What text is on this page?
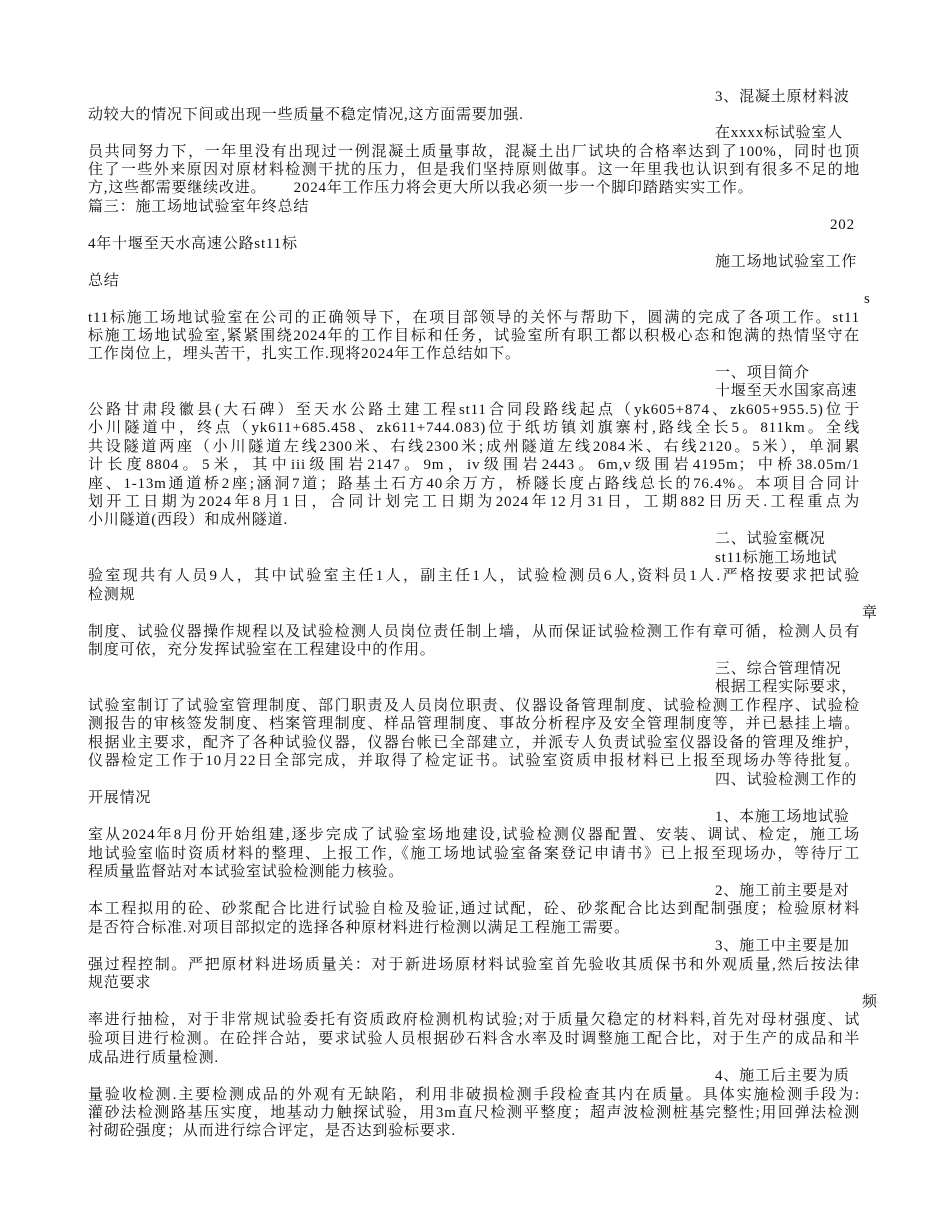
3、混凝土原材料波
动较大的情况下间或出现一些质量不稳定情况,这方面需要加强.
在xxxx标试验室人
员共同努力下，一年里没有出现过一例混凝土质量事故，混凝土出厂试块的合格率达到了100%，同时也顶
住了一些外来原因对原材料检测干扰的压力，但是我们坚持原则做事。这一年里我也认识到有很多不足的地
方,这些都需要继续改进。      2024年工作压力将会更大所以我必须一步一个脚印踏踏实实工作。
篇三：施工场地试验室年终总结
202
4年十堰至天水高速公路st11标
施工场地试验室工作
总结
s
t11标施工场地试验室在公司的正确领导下，在项目部领导的关怀与帮助下，圆满的完成了各项工作。st11
标施工场地试验室,紧紧围绕2024年的工作目标和任务，试验室所有职工都以积极心态和饱满的热情坚守在
工作岗位上，埋头苦干，扎实工作.现将2024年工作总结如下。
一、项目简介
十堰至天水国家高速
公路甘肃段徽县(大石碑）至天水公路土建工程st11合同段路线起点（yk605+874、zk605+955.5)位于
小川隧道中，终点（yk611+685.458、zk611+744.083)位于纸坊镇刘旗寨村,路线全长5。811km。全线
共设隧道两座（小川隧道左线2300米、右线2300米;成州隧道左线2084米、右线2120。5米），单洞累
计长度8804。5米，其中iii级围岩2147。9m，iv级围岩2443。6m,v级围岩4195m；中桥38.05m/1
座、1-13m通道桥2座;涵洞7道；路基土石方40余万方，桥隧长度占路线总长的76.4%。本项目合同计
划开工日期为2024年8月1日，合同计划完工日期为2024年12月31日，工期882日历天.工程重点为
小川隧道(西段）和成州隧道.
二、试验室概况
st11标施工场地试
验室现共有人员9人，其中试验室主任1人，副主任1人，试验检测员6人,资料员1人.严格按要求把试验
检测规
章
制度、试验仪器操作规程以及试验检测人员岗位责任制上墙，从而保证试验检测工作有章可循，检测人员有
制度可依，充分发挥试验室在工程建设中的作用。
三、综合管理情况
根据工程实际要求，
试验室制订了试验室管理制度、部门职责及人员岗位职责、仪器设备管理制度、试验检测工作程序、试验检
测报告的审核签发制度、档案管理制度、样品管理制度、事故分析程序及安全管理制度等，并已悬挂上墙。
根据业主要求，配齐了各种试验仪器，仪器台帐已全部建立，并派专人负责试验室仪器设备的管理及维护，
仪器检定工作于10月22日全部完成，并取得了检定证书。试验室资质申报材料已上报至现场办等待批复。
四、试验检测工作的
开展情况
1、本施工场地试验
室从2024年8月份开始组建,逐步完成了试验室场地建设,试验检测仪器配置、安装、调试、检定，施工场
地试验室临时资质材料的整理、上报工作,《施工场地试验室备案登记申请书》已上报至现场办，等待厅工
程质量监督站对本试验室试验检测能力核验。
2、施工前主要是对
本工程拟用的砼、砂浆配合比进行试验自检及验证,通过试配，砼、砂浆配合比达到配制强度；检验原材料
是否符合标准.对项目部拟定的选择各种原材料进行检测以满足工程施工需要。
3、施工中主要是加
强过程控制。严把原材料进场质量关：对于新进场原材料试验室首先验收其质保书和外观质量,然后按法律
规范要求
频
率进行抽检，对于非常规试验委托有资质政府检测机构试验;对于质量欠稳定的材料料,首先对母材强度、试
验项目进行检测。在砼拌合站，要求试验人员根据砂石料含水率及时调整施工配合比，对于生产的成品和半
成品进行质量检测.
4、施工后主要为质
量验收检测.主要检测成品的外观有无缺陷，利用非破损检测手段检查其内在质量。具体实施检测手段为:
灌砂法检测路基压实度，地基动力触探试验，用3m直尺检测平整度；超声波检测桩基完整性;用回弹法检测
衬砌砼强度；从而进行综合评定，是否达到验标要求.
